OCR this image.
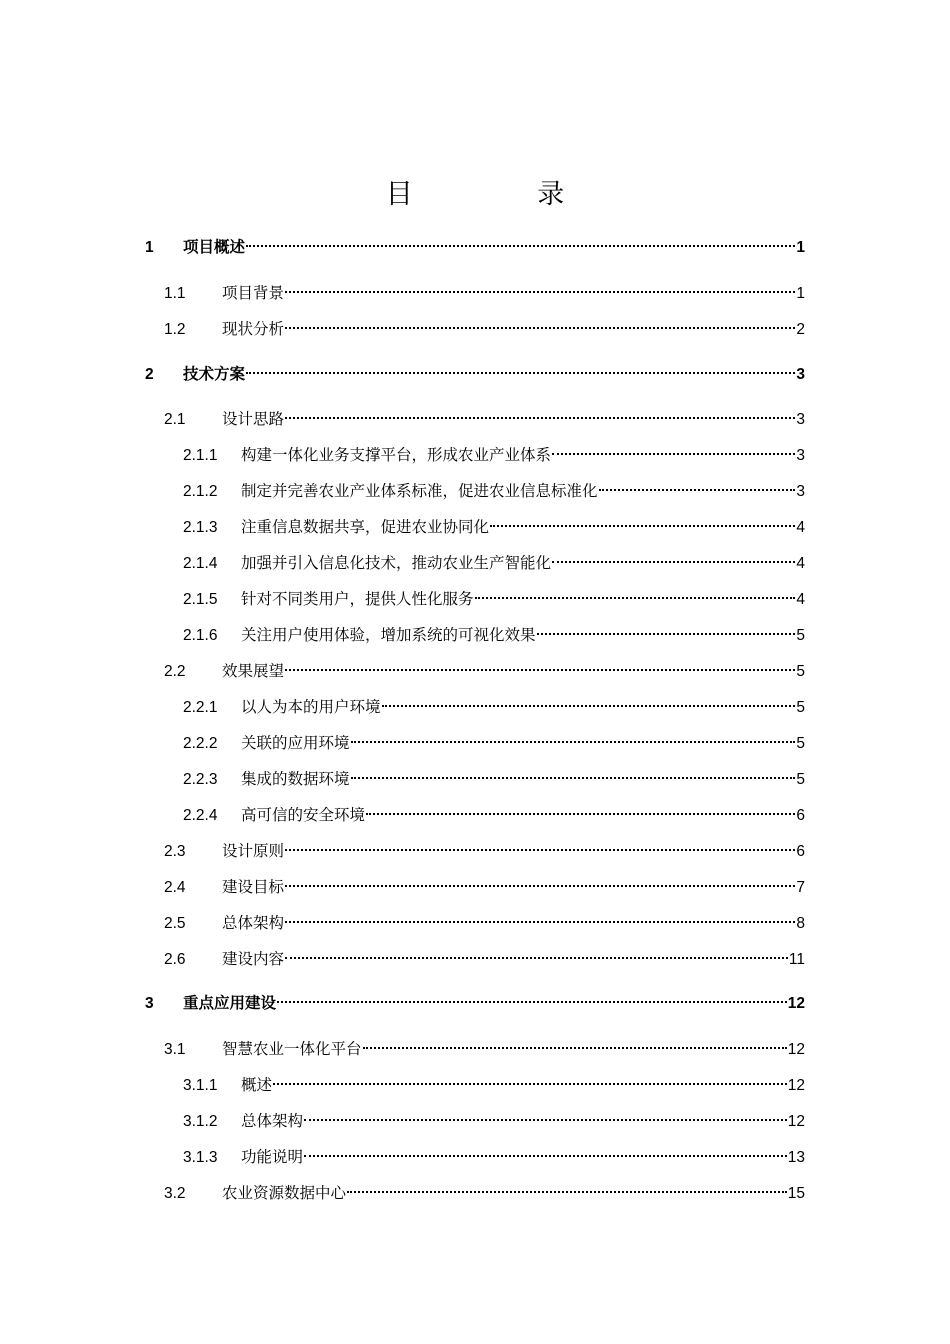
目 录
1	项目概述	1
1.1	项目背景	1
1.2	现状分析	2
2	技术方案	3
2.1	设计思路	3
2.1.1	构建一体化业务支撑平台，形成农业产业体系	3
2.1.2	制定并完善农业产业体系标准，促进农业信息标准化	3
2.1.3	注重信息数据共享，促进农业协同化	4
2.1.4	加强并引入信息化技术，推动农业生产智能化	4
2.1.5	针对不同类用户，提供人性化服务	4
2.1.6	关注用户使用体验，增加系统的可视化效果	5
2.2	效果展望	5
2.2.1	以人为本的用户环境	5
2.2.2	关联的应用环境	5
2.2.3	集成的数据环境	5
2.2.4	高可信的安全环境	6
2.3	设计原则	6
2.4	建设目标	7
2.5	总体架构	8
2.6	建设内容	11
3	重点应用建设	12
3.1	智慧农业一体化平台	12
3.1.1	概述	12
3.1.2	总体架构	12
3.1.3	功能说明	13
3.2	农业资源数据中心	15
